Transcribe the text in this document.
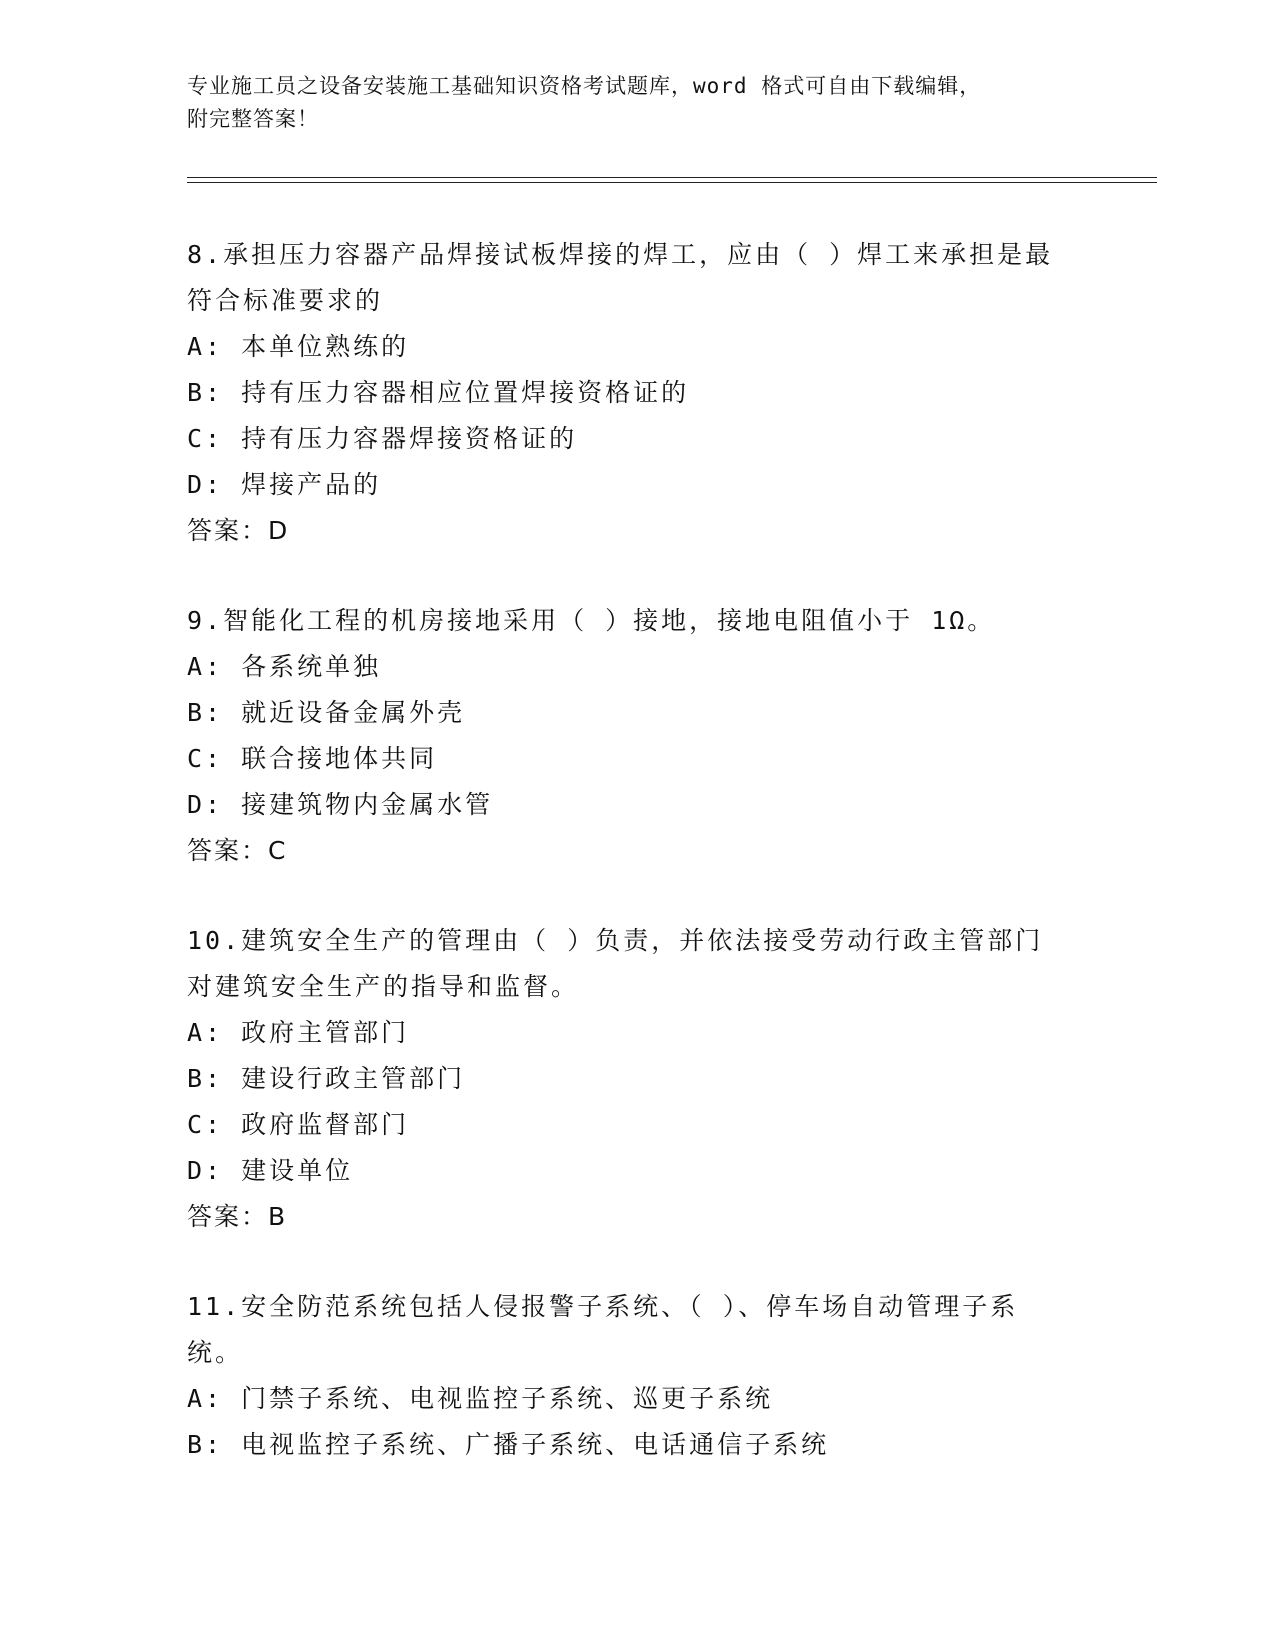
专业施工员之设备安装施工基础知识资格考试题库，word 格式可自由下载编辑，
附完整答案！
8.承担压力容器产品焊接试板焊接的焊工，应由（ ）焊工来承担是最
符合标准要求的
A: 本单位熟练的
B: 持有压力容器相应位置焊接资格证的
C: 持有压力容器焊接资格证的
D: 焊接产品的
答案：D
9.智能化工程的机房接地采用（ ）接地，接地电阻值小于 1Ω。
A: 各系统单独
B: 就近设备金属外壳
C: 联合接地体共同
D: 接建筑物内金属水管
答案：C
10.建筑安全生产的管理由（ ）负责，并依法接受劳动行政主管部门
对建筑安全生产的指导和监督。
A: 政府主管部门
B: 建设行政主管部门
C: 政府监督部门
D: 建设单位
答案：B
11.安全防范系统包括人侵报警子系统、（ ）、停车场自动管理子系
统。
A: 门禁子系统、电视监控子系统、巡更子系统
B: 电视监控子系统、广播子系统、电话通信子系统
